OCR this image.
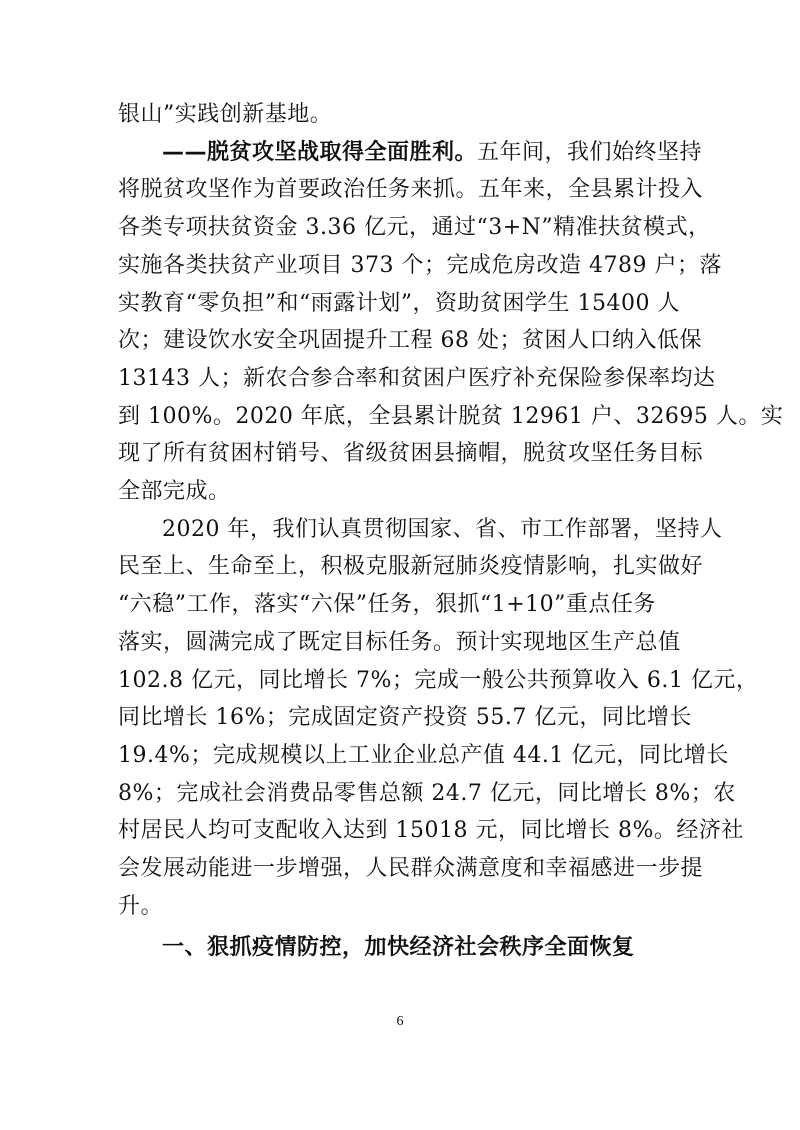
银山”实践创新基地。
——脱贫攻坚战取得全面胜利。五年间，我们始终坚持
将脱贫攻坚作为首要政治任务来抓。五年来，全县累计投入
各类专项扶贫资金 3.36 亿元，通过“3+N”精准扶贫模式，
实施各类扶贫产业项目 373 个；完成危房改造 4789 户；落
实教育“零负担”和“雨露计划”，资助贫困学生 15400 人
次；建设饮水安全巩固提升工程 68 处；贫困人口纳入低保
13143 人；新农合参合率和贫困户医疗补充保险参保率均达
到 100%。2020 年底，全县累计脱贫 12961 户、32695 人。实
现了所有贫困村销号、省级贫困县摘帽，脱贫攻坚任务目标
全部完成。
2020 年，我们认真贯彻国家、省、市工作部署，坚持人
民至上、生命至上，积极克服新冠肺炎疫情影响，扎实做好
“六稳”工作，落实“六保”任务，狠抓“1+10”重点任务
落实，圆满完成了既定目标任务。预计实现地区生产总值
102.8 亿元，同比增长 7%；完成一般公共预算收入 6.1 亿元，
同比增长 16%；完成固定资产投资 55.7 亿元，同比增长
19.4%；完成规模以上工业企业总产值 44.1 亿元，同比增长
8%；完成社会消费品零售总额 24.7 亿元，同比增长 8%；农
村居民人均可支配收入达到 15018 元，同比增长 8%。经济社
会发展动能进一步增强，人民群众满意度和幸福感进一步提
升。
一、狠抓疫情防控，加快经济社会秩序全面恢复
6
